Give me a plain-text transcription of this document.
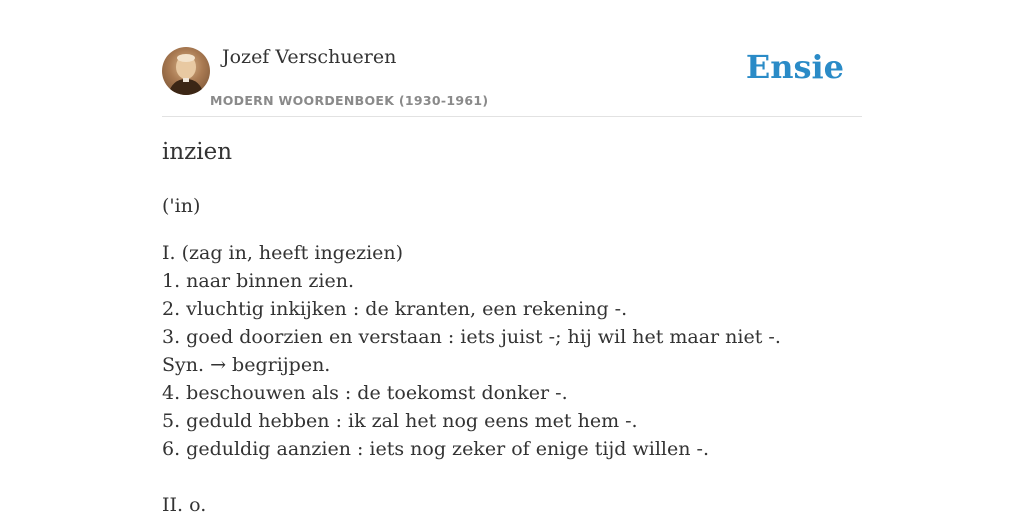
Jozef Verschueren
MODERN WOORDENBOEK (1930-1961)
Ensie
inzien
('in)

I. (zag in, heeft ingezien)

1. naar binnen zien.

2. vluchtig inkijken : de kranten, een rekening -.

3. goed doorzien en verstaan : iets juist -; hij wil het maar niet -. Syn. → begrijpen.

4. beschouwen als : de toekomst donker -.

5. geduld hebben : ik zal het nog eens met hem -.

6. geduldig aanzien : iets nog zeker of enige tijd willen -.

II. o.
